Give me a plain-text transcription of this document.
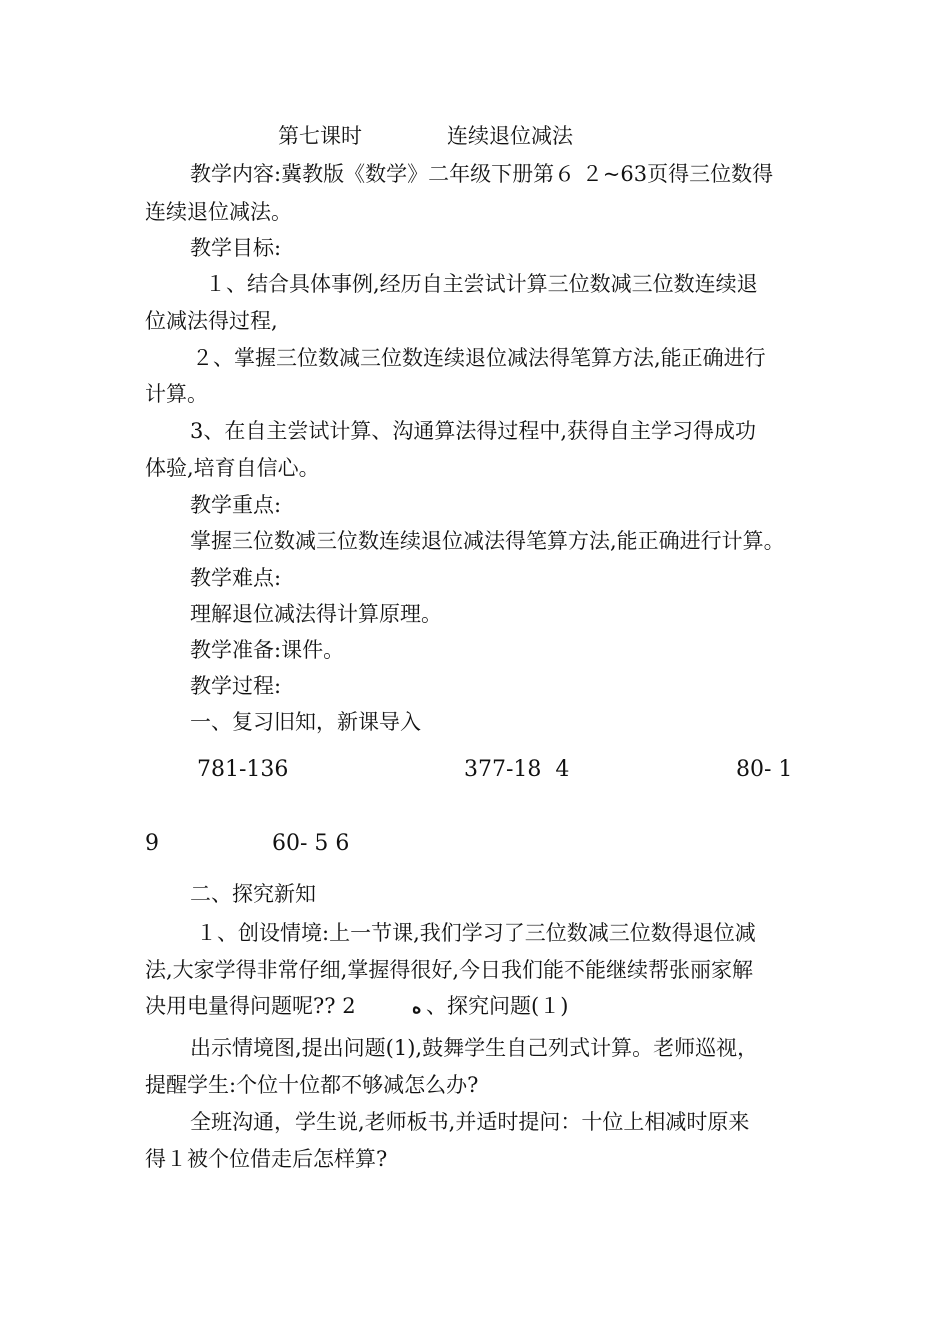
第七课时	连续退位减法
教学内容:冀教版《数学》二年级下册第６ ２~63页得三位数得
连续退位减法。
教学目标:
１、结合具体事例,经历自主尝试计算三位数减三位数连续退
位减法得过程,
２、掌握三位数减三位数连续退位减法得笔算方法,能正确进行
计算。
3、在自主尝试计算、沟通算法得过程中,获得自主学习得成功
体验,培育自信心。
教学重点:
掌握三位数减三位数连续退位减法得笔算方法,能正确进行计算。
教学难点:
理解退位减法得计算原理。
教学准备:课件。
教学过程:
一、复习旧知，新课导入
781-136	377-18  4	80- 1
9	60- 5 6
二、探究新知
１、创设情境:上一节课,我们学习了三位数减三位数得退位减
法,大家学得非常仔细,掌握得很好,今日我们能不能继续帮张丽家解
决用电量得问题呢?? 2	ه 、探究问题(１)
出示情境图,提出问题(1),鼓舞学生自己列式计算。老师巡视，
提醒学生:个位十位都不够减怎么办?
全班沟通，学生说,老师板书,并适时提问：十位上相减时原来
得１被个位借走后怎样算?
